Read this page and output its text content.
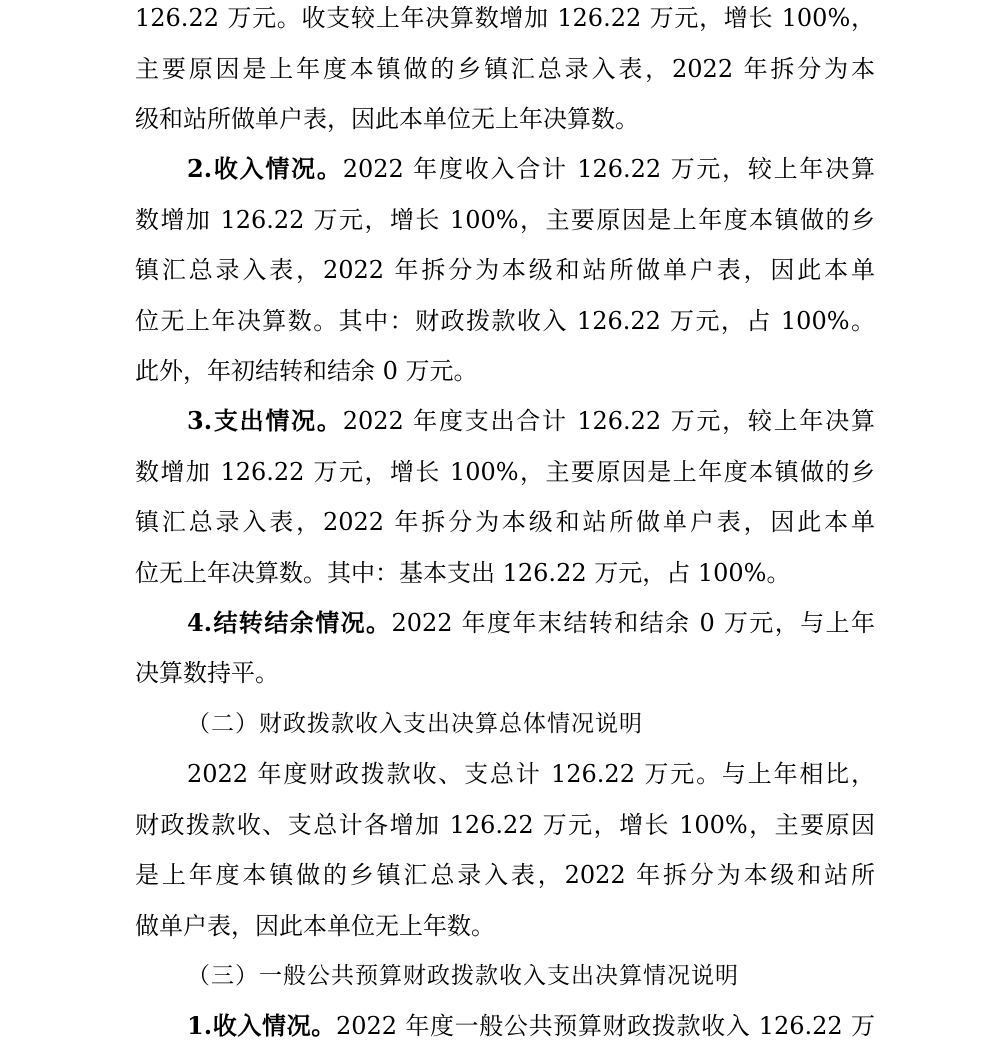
126.22 万元。收支较上年决算数增加 126.22 万元，增长 100%，
主要原因是上年度本镇做的乡镇汇总录入表，2022 年拆分为本
级和站所做单户表，因此本单位无上年决算数。
2.收入情况。2022 年度收入合计 126.22 万元，较上年决算
数增加 126.22 万元，增长 100%，主要原因是上年度本镇做的乡
镇汇总录入表，2022 年拆分为本级和站所做单户表，因此本单
位无上年决算数。其中：财政拨款收入 126.22 万元，占 100%。
此外，年初结转和结余 0 万元。
3.支出情况。2022 年度支出合计 126.22 万元，较上年决算
数增加 126.22 万元，增长 100%，主要原因是上年度本镇做的乡
镇汇总录入表，2022 年拆分为本级和站所做单户表，因此本单
位无上年决算数。其中：基本支出 126.22 万元，占 100%。
4.结转结余情况。2022 年度年末结转和结余 0 万元，与上年
决算数持平。
（二）财政拨款收入支出决算总体情况说明
2022 年度财政拨款收、支总计 126.22 万元。与上年相比，
财政拨款收、支总计各增加 126.22 万元，增长 100%，主要原因
是上年度本镇做的乡镇汇总录入表，2022 年拆分为本级和站所
做单户表，因此本单位无上年数。
（三）一般公共预算财政拨款收入支出决算情况说明
1.收入情况。2022 年度一般公共预算财政拨款收入 126.22 万
